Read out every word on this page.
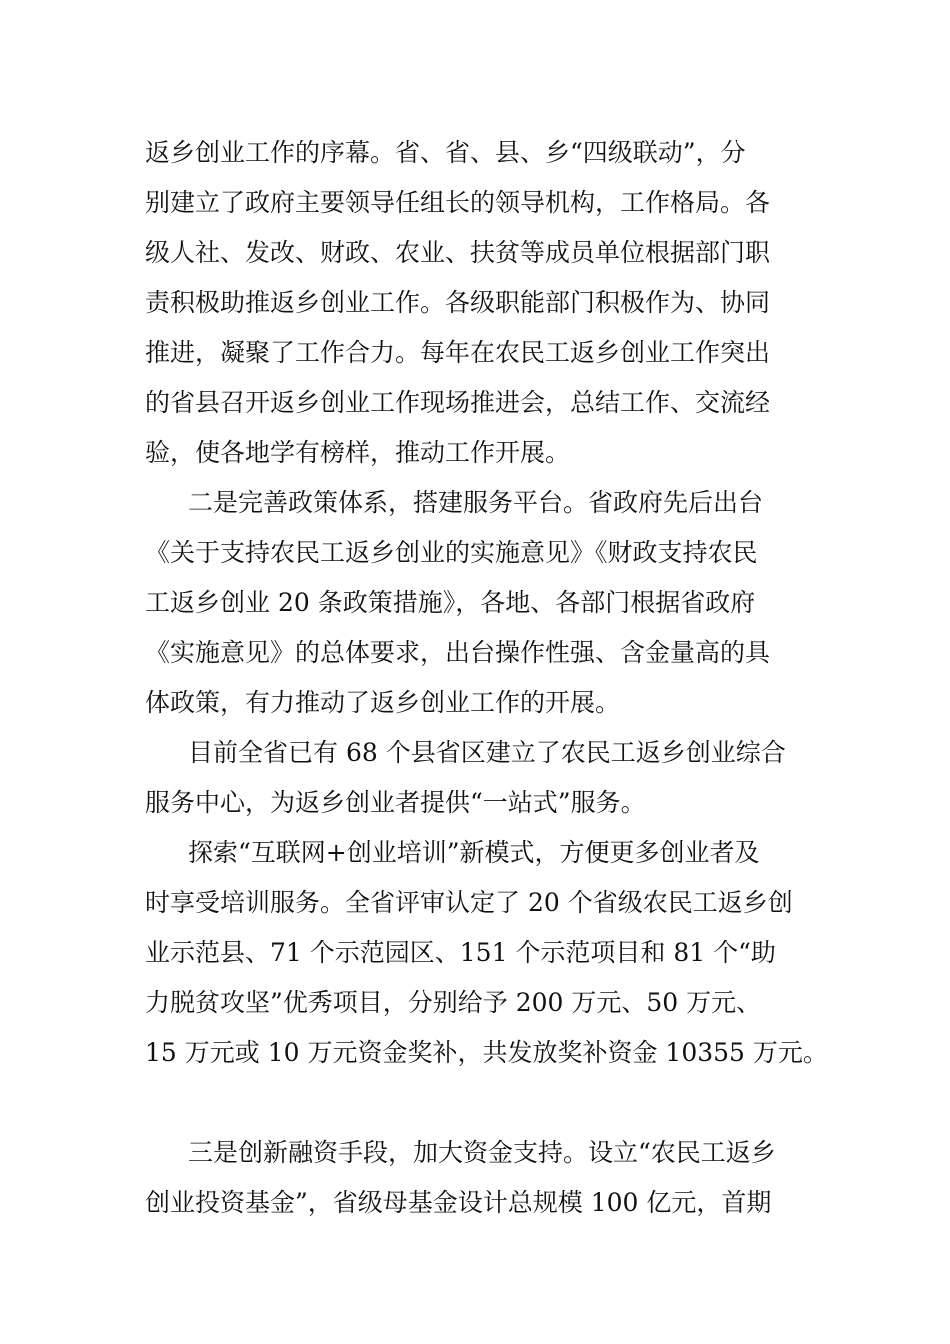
返乡创业工作的序幕。省、省、县、乡“四级联动”，分
别建立了政府主要领导任组长的领导机构，工作格局。各
级人社、发改、财政、农业、扶贫等成员单位根据部门职
责积极助推返乡创业工作。各级职能部门积极作为、协同
推进，凝聚了工作合力。每年在农民工返乡创业工作突出
的省县召开返乡创业工作现场推进会，总结工作、交流经
验，使各地学有榜样，推动工作开展。
二是完善政策体系，搭建服务平台。省政府先后出台
《关于支持农民工返乡创业的实施意见》《财政支持农民
工返乡创业 20 条政策措施》，各地、各部门根据省政府
《实施意见》的总体要求，出台操作性强、含金量高的具
体政策，有力推动了返乡创业工作的开展。
目前全省已有 68 个县省区建立了农民工返乡创业综合
服务中心，为返乡创业者提供“一站式”服务。
探索“互联网+创业培训”新模式，方便更多创业者及
时享受培训服务。全省评审认定了 20 个省级农民工返乡创
业示范县、71 个示范园区、151 个示范项目和 81 个“助
力脱贫攻坚”优秀项目，分别给予 200 万元、50 万元、
15 万元或 10 万元资金奖补，共发放奖补资金 10355 万元。
三是创新融资手段，加大资金支持。设立“农民工返乡
创业投资基金”，省级母基金设计总规模 100 亿元，首期
